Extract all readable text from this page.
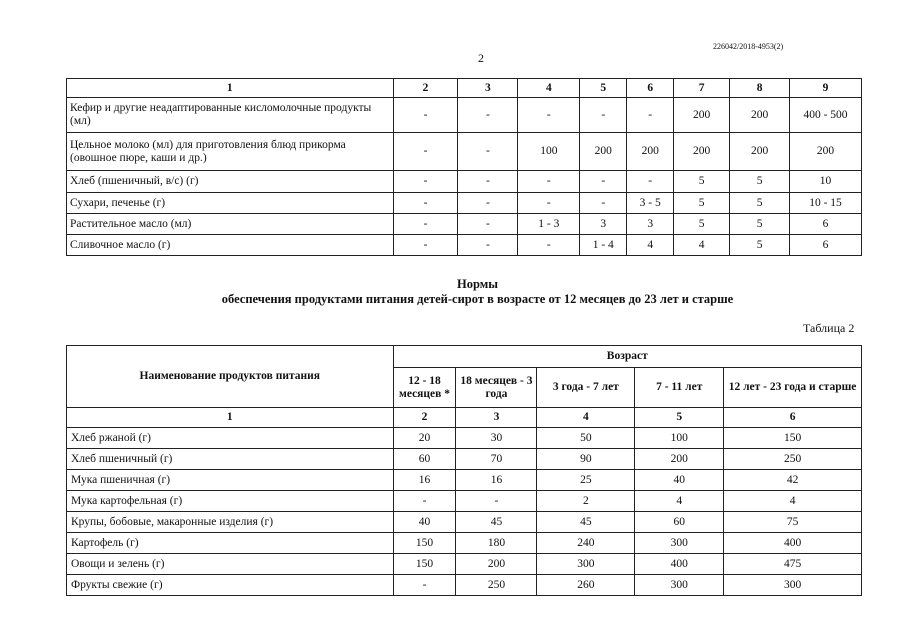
226042/2018-4953(2)
2
1	2	3	4	5	6	7	8	9
Кефир и другие неадаптированные кисломолочные продукты (мл)	-	-	-	-	-	200	200	400 - 500
Цельное молоко (мл) для приготовления блюд прикорма (овошное пюре, каши и др.)	-	-	100	200	200	200	200	200
Хлеб (пшеничный, в/с) (г)	-	-	-	-	-	5	5	10
Сухари, печенье (г)	-	-	-	-	3 - 5	5	5	10 - 15
Растительное масло (мл)	-	-	1 - 3	3	3	5	5	6
Сливочное масло (г)	-	-	-	1 - 4	4	4	5	6
Нормы
обеспечения продуктами питания детей-сирот в возрасте от 12 месяцев до 23 лет и старше
Таблица 2
Наименование продуктов питания	Возраст				
	12 - 18 месяцев *	18 месяцев - 3 года	3 года - 7 лет	7 - 11 лет	12 лет - 23 года и старше
1	2	3	4	5	6
Хлеб ржаной (г)	20	30	50	100	150
Хлеб пшеничный (г)	60	70	90	200	250
Мука пшеничная (г)	16	16	25	40	42
Мука картофельная (г)	-	-	2	4	4
Крупы, бобовые, макаронные изделия (г)	40	45	45	60	75
Картофель (г)	150	180	240	300	400
Овощи и зелень (г)	150	200	300	400	475
Фрукты свежие (г)	-	250	260	300	300
